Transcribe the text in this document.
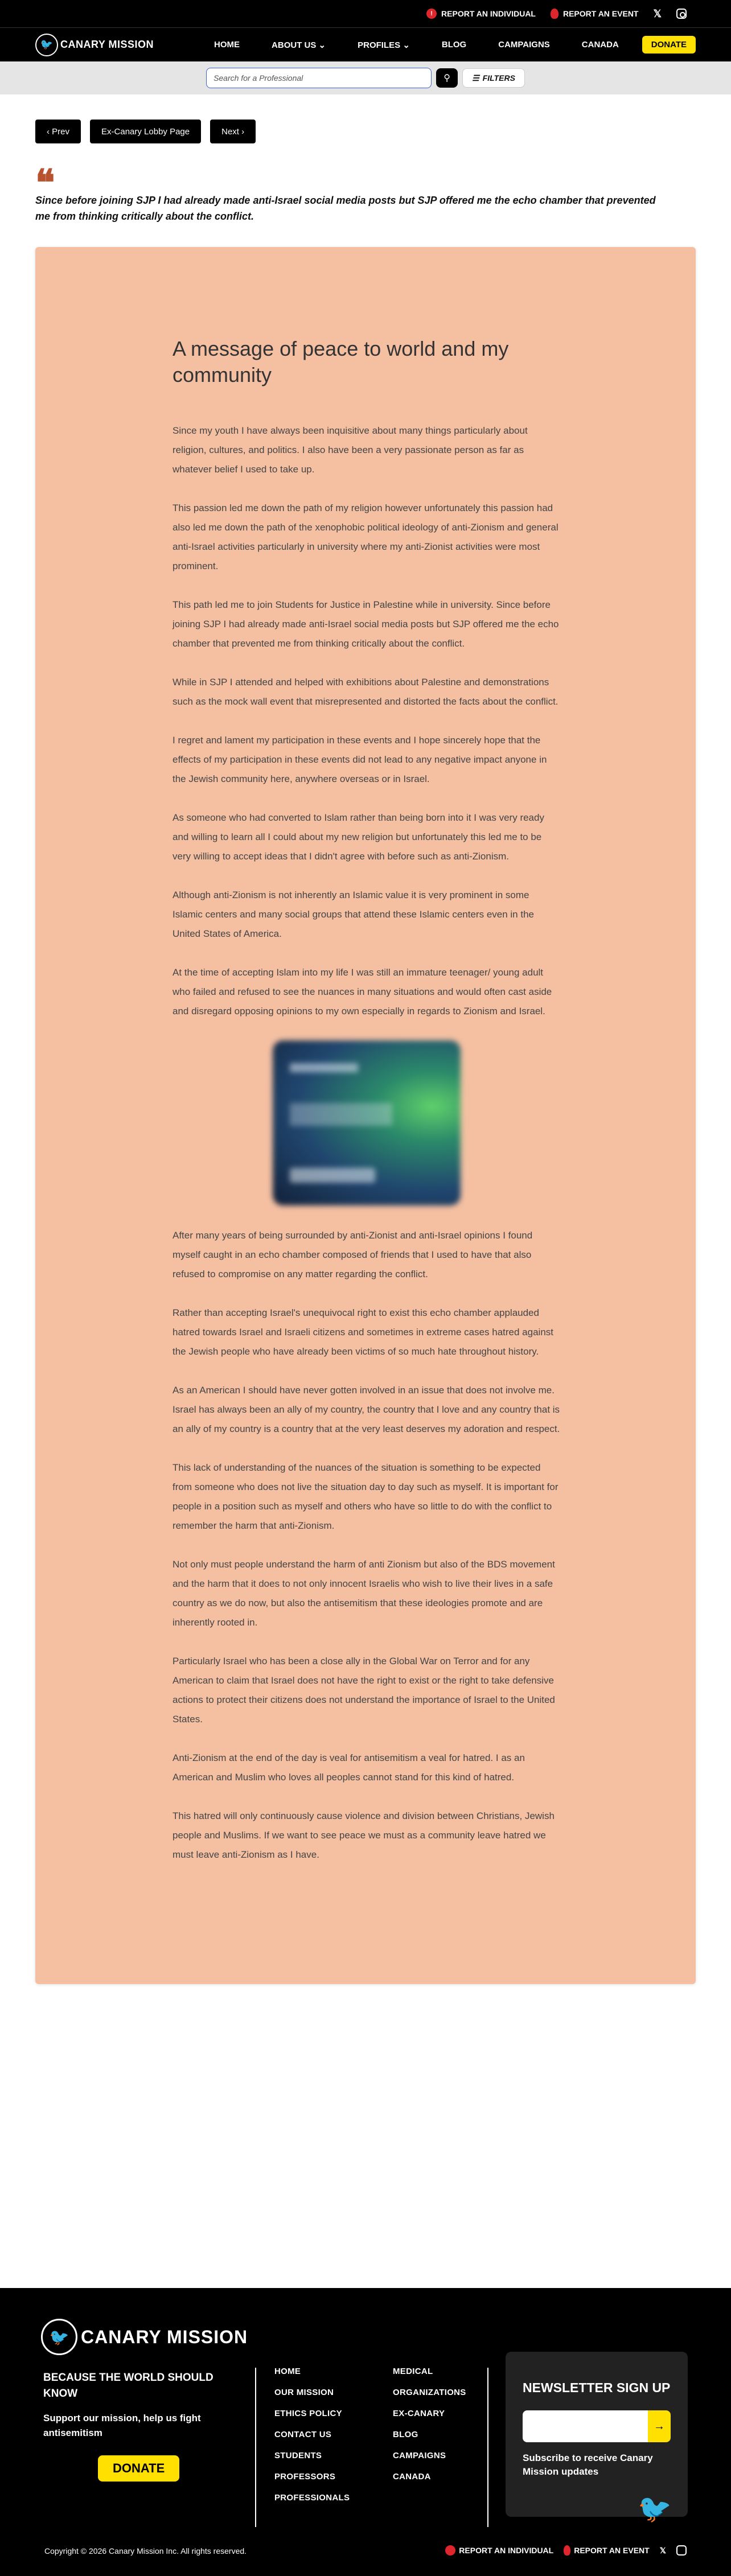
!	REPORT AN INDIVIDUAL	REPORT AN EVENT 𝕏
🐦 CANARY MISSION	HOME	ABOUT US ⌄	PROFILES ⌄	BLOG	CAMPAIGNS	CANADA	DONATE
Search for a Professional	⚲	☰ FILTERS
‹ Prev	Ex-Canary Lobby Page	Next ›
❝
Since before joining SJP I had already made anti-Israel social media posts but SJP offered me the echo chamber that prevented me from thinking critically about the conflict.
A message of peace to world and my community

Since my youth I have always been inquisitive about many things particularly about religion, cultures, and politics. I also have been a very passionate person as far as whatever belief I used to take up.

This passion led me down the path of my religion however unfortunately this passion had also led me down the path of the xenophobic political ideology of anti-Zionism and general anti-Israel activities particularly in university where my anti-Zionist activities were most prominent.

This path led me to join Students for Justice in Palestine while in university. Since before joining SJP I had already made anti-Israel social media posts but SJP offered me the echo chamber that prevented me from thinking critically about the conflict.

While in SJP I attended and helped with exhibitions about Palestine and demonstrations such as the mock wall event that misrepresented and distorted the facts about the conflict.

I regret and lament my participation in these events and I hope sincerely hope that the effects of my participation in these events did not lead to any negative impact anyone in the Jewish community here, anywhere overseas or in Israel.

As someone who had converted to Islam rather than being born into it I was very ready and willing to learn all I could about my new religion but unfortunately this led me to be very willing to accept ideas that I didn't agree with before such as anti-Zionism.

Although anti-Zionism is not inherently an Islamic value it is very prominent in some Islamic centers and many social groups that attend these Islamic centers even in the United States of America.

At the time of accepting Islam into my life I was still an immature teenager/ young adult who failed and refused to see the nuances in many situations and would often cast aside and disregard opposing opinions to my own especially in regards to Zionism and Israel.

After many years of being surrounded by anti-Zionist and anti-Israel opinions I found myself caught in an echo chamber composed of friends that I used to have that also refused to compromise on any matter regarding the conflict.

Rather than accepting Israel's unequivocal right to exist this echo chamber applauded hatred towards Israel and Israeli citizens and sometimes in extreme cases hatred against the Jewish people who have already been victims of so much hate throughout history.

As an American I should have never gotten involved in an issue that does not involve me. Israel has always been an ally of my country, the country that I love and any country that is an ally of my country is a country that at the very least deserves my adoration and respect.

This lack of understanding of the nuances of the situation is something to be expected from someone who does not live the situation day to day such as myself. It is important for people in a position such as myself and others who have so little to do with the conflict to remember the harm that anti-Zionism.

Not only must people understand the harm of anti Zionism but also of the BDS movement and the harm that it does to not only innocent Israelis who wish to live their lives in a safe country as we do now, but also the antisemitism that these ideologies promote and are inherently rooted in.

Particularly Israel who has been a close ally in the Global War on Terror and for any American to claim that Israel does not have the right to exist or the right to take defensive actions to protect their citizens does not understand the importance of Israel to the United States.

Anti-Zionism at the end of the day is veal for antisemitism a veal for hatred. I as an American and Muslim who loves all peoples cannot stand for this kind of hatred.

This hatred will only continuously cause violence and division between Christians, Jewish people and Muslims. If we want to see peace we must as a community leave hatred we must leave anti-Zionism as I have.

🐦 CANARY MISSION
BECAUSE THE WORLD SHOULD KNOW
Support our mission, help us fight antisemitism
DONATE
HOME
OUR MISSION
ETHICS POLICY
CONTACT US
STUDENTS
PROFESSORS
PROFESSIONALS
MEDICAL
ORGANIZATIONS
EX-CANARY
BLOG
CAMPAIGNS
CANADA
NEWSLETTER SIGN UP
→

Subscribe to receive Canary Mission updates

🐦
Copyright © 2026 Canary Mission Inc. All rights reserved.	REPORT AN INDIVIDUAL	REPORT AN EVENT 𝕏
